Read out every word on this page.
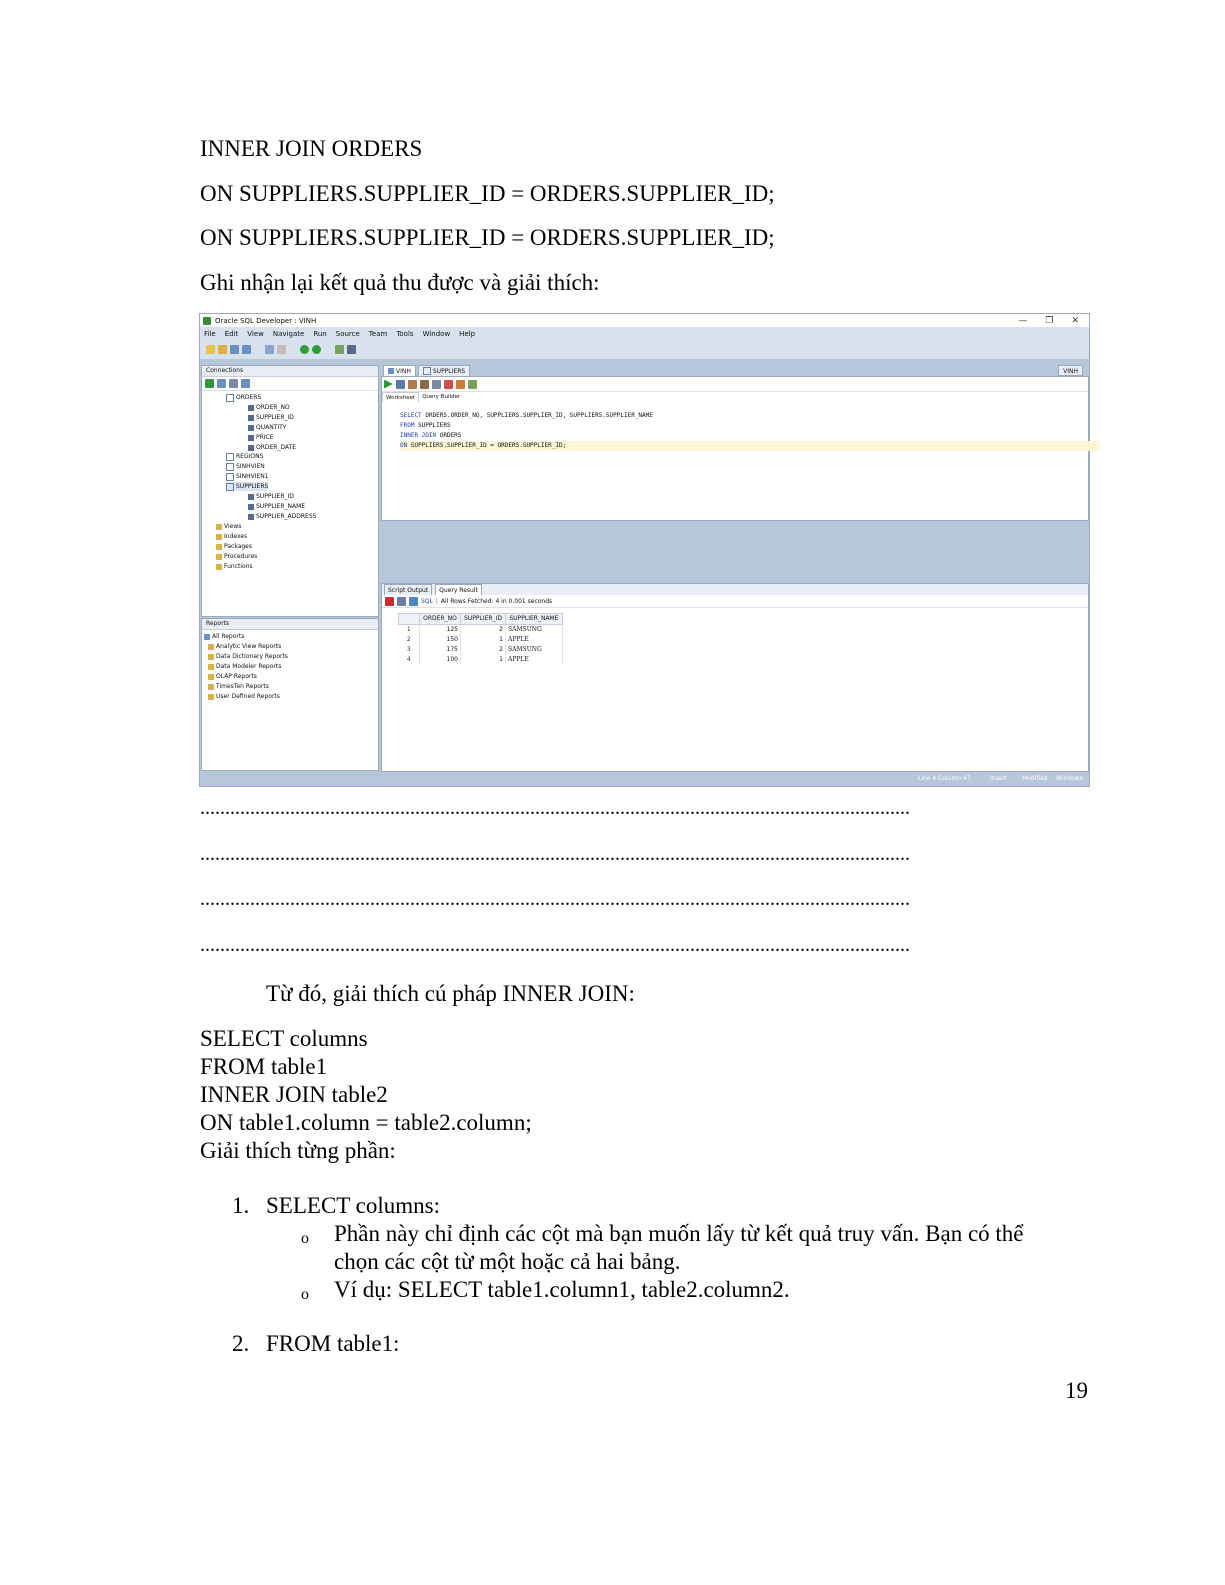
INNER JOIN ORDERS
ON SUPPLIERS.SUPPLIER_ID = ORDERS.SUPPLIER_ID;
ON SUPPLIERS.SUPPLIER_ID = ORDERS.SUPPLIER_ID;
Ghi nhận lại kết quả thu được và giải thích:
Oracle SQL Developer : VINH	— ❐ ✕
File Edit View Navigate Run Source Team Tools Window Help
Connections
ORDERS
ORDER_NO
SUPPLIER_ID
QUANTITY
PRICE
ORDER_DATE
REGIONS
SINHVIEN
SINHVIEN1
SUPPLIERS
SUPPLIER_ID
SUPPLIER_NAME
SUPPLIER_ADDRESS
Views
Indexes
Packages
Procedures
Functions
Reports
All Reports
Analytic View Reports
Data Dictionary Reports
Data Modeler Reports
OLAP Reports
TimesTen Reports
User Defined Reports
VINH	SUPPLIERS	VINH
Worksheet	Query Builder
SELECT ORDERS.ORDER_NO, SUPPLIERS.SUPPLIER_ID, SUPPLIERS.SUPPLIER_NAME
FROM SUPPLIERS
INNER JOIN ORDERS
ON SUPPLIERS.SUPPLIER_ID = ORDERS.SUPPLIER_ID;
Script Output	Query Result
SQL | All Rows Fetched: 4 in 0.001 seconds
	ORDER_NO	SUPPLIER_ID	SUPPLIER_NAME
1	125	2	SAMSUNG
2	150	1	APPLE
3	175	2	SAMSUNG
4	100	1	APPLE
Line 4 Column 47	Insert Modified Windows: CR
..............................................................................................................................................
..............................................................................................................................................
..............................................................................................................................................
..............................................................................................................................................
Từ đó, giải thích cú pháp INNER JOIN:
SELECT columns
FROM table1
INNER JOIN table2
ON table1.column = table2.column;
Giải thích từng phần:
1. SELECT columns:
o Phần này chỉ định các cột mà bạn muốn lấy từ kết quả truy vấn. Bạn có thể chọn các cột từ một hoặc cả hai bảng.
o Ví dụ: SELECT table1.column1, table2.column2.
2. FROM table1:
19
